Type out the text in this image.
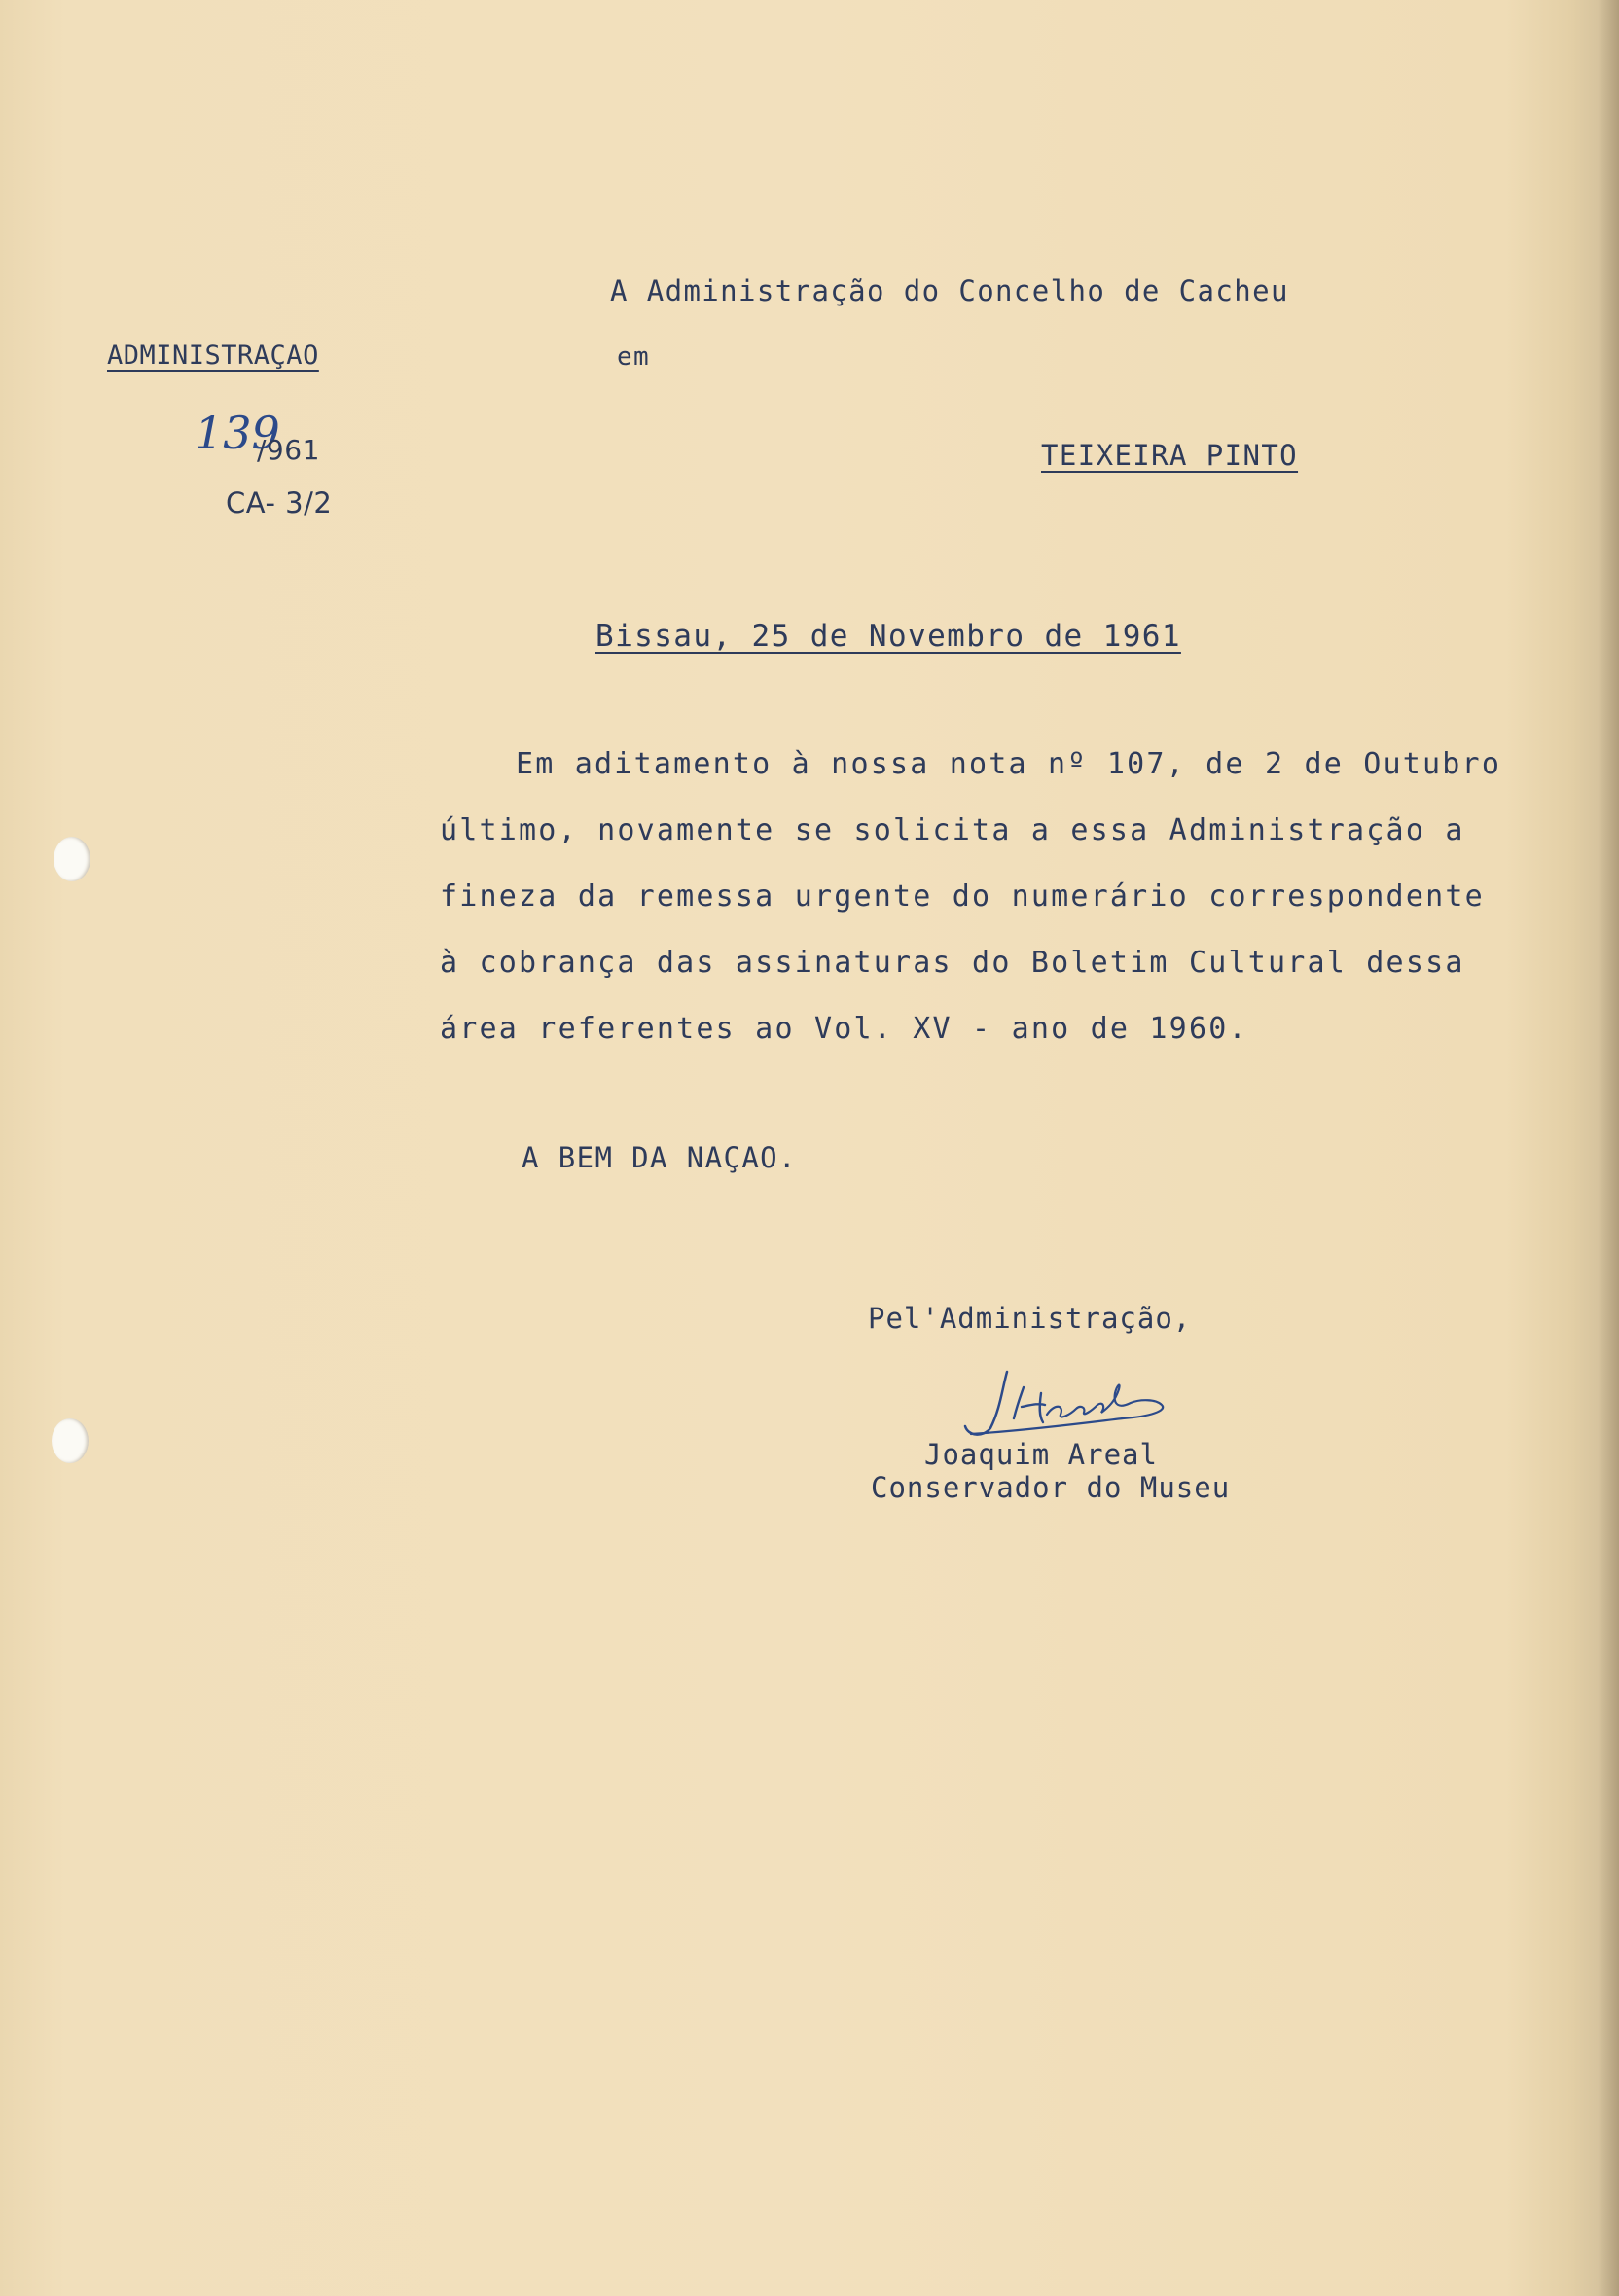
A Administração do Concelho de Cacheu
em
TEIXEIRA PINTO
ADMINISTRAÇAO
139
/961
CA- 3/2
Bissau, 25 de Novembro de 1961
Em aditamento à nossa nota nº 107, de 2 de Outubro
último, novamente se solicita a essa Administração a
fineza da remessa urgente do numerário correspondente
à cobrança das assinaturas do Boletim Cultural dessa
área referentes ao Vol. XV - ano de 1960.
A BEM DA NAÇAO.
Pel'Administração,
Joaquim Areal
Conservador do Museu
